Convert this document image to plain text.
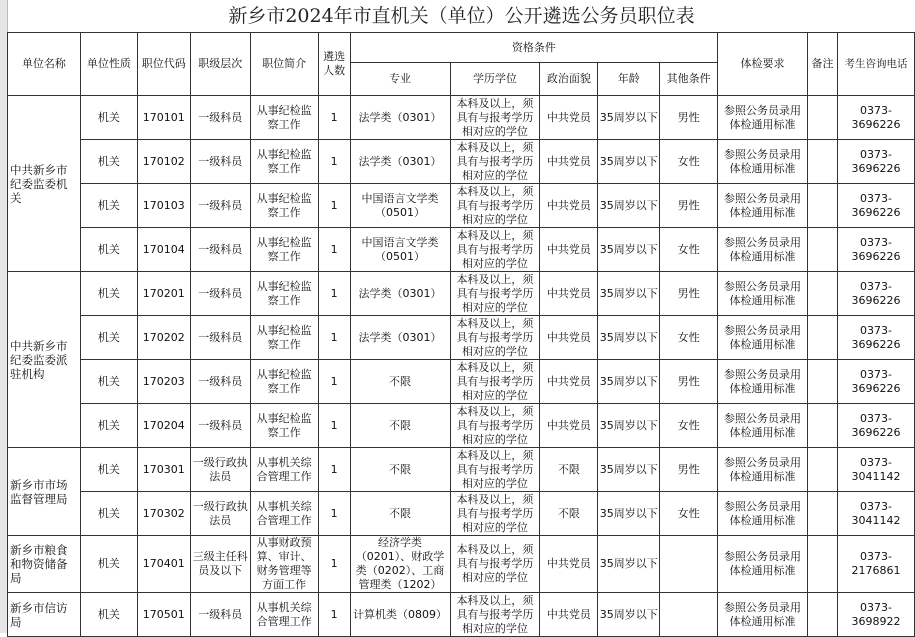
新乡市2024年市直机关（单位）公开遴选公务员职位表
单位名称	单位性质	职位代码	职级层次	职位简介	遴选人数	资格条件					体检要求	备注	考生咨询电话
						专业	学历学位	政治面貌	年龄	其他条件			
中共新乡市纪委监委机关	机关	170101	一级科员	从事纪检监察工作	1	法学类（0301）	本科及以上，须具有与报考学历相对应的学位	中共党员	35周岁以下	男性	参照公务员录用体检通用标准		0373-3696226
	机关	170102	一级科员	从事纪检监察工作	1	法学类（0301）	本科及以上，须具有与报考学历相对应的学位	中共党员	35周岁以下	女性	参照公务员录用体检通用标准		0373-3696226
	机关	170103	一级科员	从事纪检监察工作	1	中国语言文学类（0501）	本科及以上，须具有与报考学历相对应的学位	中共党员	35周岁以下	男性	参照公务员录用体检通用标准		0373-3696226
	机关	170104	一级科员	从事纪检监察工作	1	中国语言文学类（0501）	本科及以上，须具有与报考学历相对应的学位	中共党员	35周岁以下	女性	参照公务员录用体检通用标准		0373-3696226
中共新乡市纪委监委派驻机构	机关	170201	一级科员	从事纪检监察工作	1	法学类（0301）	本科及以上，须具有与报考学历相对应的学位	中共党员	35周岁以下	男性	参照公务员录用体检通用标准		0373-3696226
	机关	170202	一级科员	从事纪检监察工作	1	法学类（0301）	本科及以上，须具有与报考学历相对应的学位	中共党员	35周岁以下	女性	参照公务员录用体检通用标准		0373-3696226
	机关	170203	一级科员	从事纪检监察工作	1	不限	本科及以上，须具有与报考学历相对应的学位	中共党员	35周岁以下	男性	参照公务员录用体检通用标准		0373-3696226
	机关	170204	一级科员	从事纪检监察工作	1	不限	本科及以上，须具有与报考学历相对应的学位	中共党员	35周岁以下	女性	参照公务员录用体检通用标准		0373-3696226
新乡市市场监督管理局	机关	170301	一级行政执法员	从事机关综合管理工作	1	不限	本科及以上，须具有与报考学历相对应的学位	不限	35周岁以下	男性	参照公务员录用体检通用标准		0373-3041142
	机关	170302	一级行政执法员	从事机关综合管理工作	1	不限	本科及以上，须具有与报考学历相对应的学位	不限	35周岁以下	女性	参照公务员录用体检通用标准		0373-3041142
新乡市粮食和物资储备局	机关	170401	三级主任科员及以下	从事财政预算、审计、财务管理等方面工作	1	经济学类（0201）、财政学类（0202）、工商管理类（1202）	本科及以上，须具有与报考学历相对应的学位	中共党员	35周岁以下		参照公务员录用体检通用标准		0373-2176861
新乡市信访局	机关	170501	一级科员	从事机关综合管理工作	1	计算机类（0809）	本科及以上，须具有与报考学历相对应的学位	中共党员	35周岁以下		参照公务员录用体检通用标准		0373-3698922
